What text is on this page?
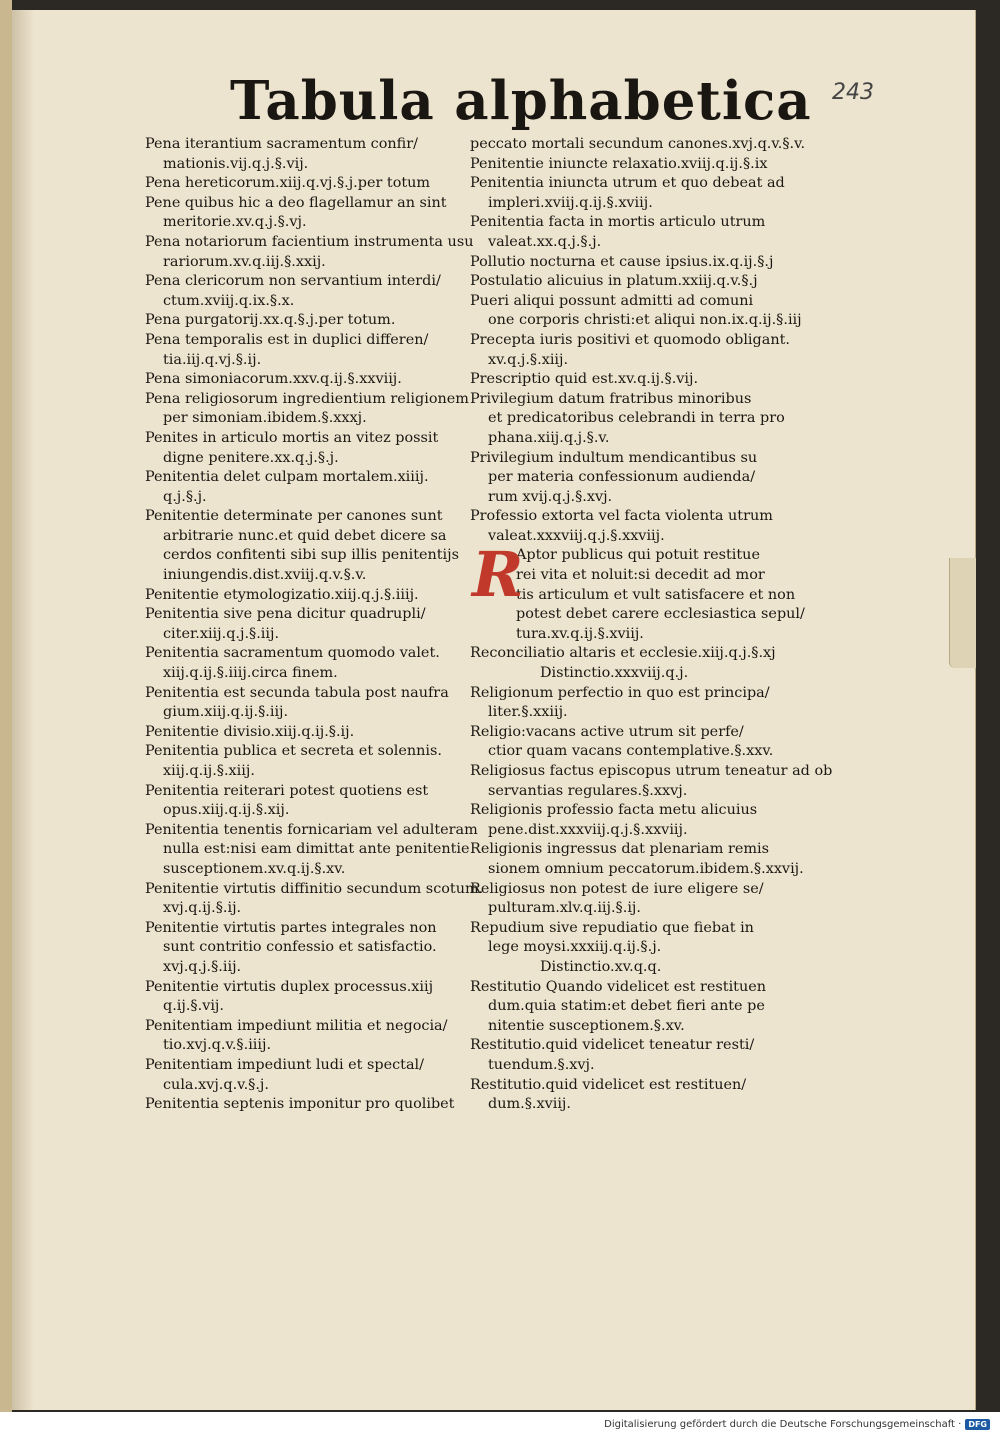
243
Tabula alphabetica

Pena iterantium sacramentum confir/
mationis.vij.q.j.§.vij.

Pena hereticorum.xiij.q.vj.§.j.per totum

Pene quibus hic a deo flagellamur an sint
meritorie.xv.q.j.§.vj.

Pena notariorum facientium instrumenta usu
rariorum.xv.q.iij.§.xxij.

Pena clericorum non servantium interdi/
ctum.xviij.q.ix.§.x.

Pena purgatorij.xx.q.§.j.per totum.

Pena temporalis est in duplici differen/
tia.iij.q.vj.§.ij.

Pena simoniacorum.xxv.q.ij.§.xxviij.

Pena religiosorum ingredientium religionem
per simoniam.ibidem.§.xxxj.

Penites in articulo mortis an vitez possit
digne penitere.xx.q.j.§.j.

Penitentia delet culpam mortalem.xiiij.
q.j.§.j.

Penitentie determinate per canones sunt
arbitrarie nunc.et quid debet dicere sa
cerdos confitenti sibi sup illis penitentijs
iniungendis.dist.xviij.q.v.§.v.

Penitentie etymologizatio.xiij.q.j.§.iiij.

Penitentia sive pena dicitur quadrupli/
citer.xiij.q.j.§.iij.

Penitentia sacramentum quomodo valet.
xiij.q.ij.§.iiij.circa finem.

Penitentia est secunda tabula post naufra
gium.xiij.q.ij.§.iij.

Penitentie divisio.xiij.q.ij.§.ij.

Penitentia publica et secreta et solennis.
xiij.q.ij.§.xiij.

Penitentia reiterari potest quotiens est
opus.xiij.q.ij.§.xij.

Penitentia tenentis fornicariam vel adulteram
nulla est:nisi eam dimittat ante penitentie
susceptionem.xv.q.ij.§.xv.

Penitentie virtutis diffinitio secundum scotum.
xvj.q.ij.§.ij.

Penitentie virtutis partes integrales non
sunt contritio confessio et satisfactio.
xvj.q.j.§.iij.

Penitentie virtutis duplex processus.xiij
q.ij.§.vij.

Penitentiam impediunt militia et negocia/
tio.xvj.q.v.§.iiij.

Penitentiam impediunt ludi et spectal/
cula.xvj.q.v.§.j.

Penitentia septenis imponitur pro quolibet

peccato mortali secundum canones.xvj.q.v.§.v.

Penitentie iniuncte relaxatio.xviij.q.ij.§.ix

Penitentia iniuncta utrum et quo debeat ad
impleri.xviij.q.ij.§.xviij.

Penitentia facta in mortis articulo utrum
valeat.xx.q.j.§.j.

Pollutio nocturna et cause ipsius.ix.q.ij.§.j

Postulatio alicuius in platum.xxiij.q.v.§.j

Pueri aliqui possunt admitti ad comuni
one corporis christi:et aliqui non.ix.q.ij.§.iij

Precepta iuris positivi et quomodo obligant.
xv.q.j.§.xiij.

Prescriptio quid est.xv.q.ij.§.vij.

Privilegium datum fratribus minoribus
et predicatoribus celebrandi in terra pro
phana.xiij.q.j.§.v.

Privilegium indultum mendicantibus su
per materia confessionum audienda/
rum xvij.q.j.§.xvj.

Professio extorta vel facta violenta utrum
valeat.xxxviij.q.j.§.xxviij.

R
Aptor publicus qui potuit restitue
rei vita et noluit:si decedit ad mor
tis articulum et vult satisfacere et non
potest debet carere ecclesiastica sepul/
tura.xv.q.ij.§.xviij.

Reconciliatio altaris et ecclesie.xiij.q.j.§.xj

Distinctio.xxxviij.q.j.

Religionum perfectio in quo est principa/
liter.§.xxiij.

Religio:vacans active utrum sit perfe/
ctior quam vacans contemplative.§.xxv.

Religiosus factus episcopus utrum teneatur ad ob
servantias regulares.§.xxvj.

Religionis professio facta metu alicuius
pene.dist.xxxviij.q.j.§.xxviij.

Religionis ingressus dat plenariam remis
sionem omnium peccatorum.ibidem.§.xxvij.

Religiosus non potest de iure eligere se/
pulturam.xlv.q.iij.§.ij.

Repudium sive repudiatio que fiebat in
lege moysi.xxxiij.q.ij.§.j.

Distinctio.xv.q.q.

Restitutio Quando videlicet est restituen
dum.quia statim:et debet fieri ante pe
nitentie susceptionem.§.xv.

Restitutio.quid videlicet teneatur resti/
tuendum.§.xvj.

Restitutio.quid videlicet est restituen/
dum.§.xviij.

Digitalisierung gefördert durch die Deutsche Forschungsgemeinschaft · DFG
